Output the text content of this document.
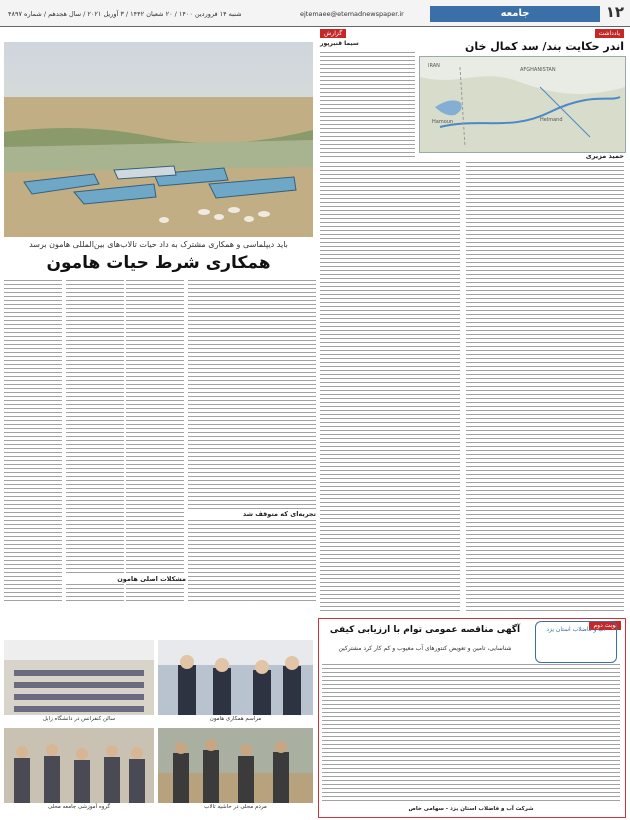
۱۲
جامعه
ejtemaee@etemadnewspaper.ir
شنبه ۱۴ فروردین ۱۴۰۰ / ۲۰ شعبان ۱۴۴۲ / ۳ آوریل ۲۰۲۱ / سال هجدهم / شماره ۴۸۹۷
یادداشت
اندر حکایت بند/ سد کمال خان
IRAN
AFGHANISTAN
Helmand
Hamoun
حمید مزیری
گزارش
سیما قنبرپور
باید دیپلماسی و همکاری مشترک به داد حیات تالاب‌های بین‌المللی هامون برسد
همکاری شرط حیات هامون
تجربه‌ای که متوقف شد
مشکلات اصلی هامون
سالن کنفرانس در دانشگاه زابل	مراسم همکاری هامون
گروه آموزشی جامعه محلی	مردم محلی در حاشیه تالاب
نوبت دوم
آگهی مناقصه عمومی توام با ارزیابی کیفی
شناسایی، تامین و تعویض کنتورهای آب معیوب و کم کار کرد مشترکین
آب و فاضلاب استان یزد
شرکت آب و فاضلاب استان یزد - سهامی خاص
